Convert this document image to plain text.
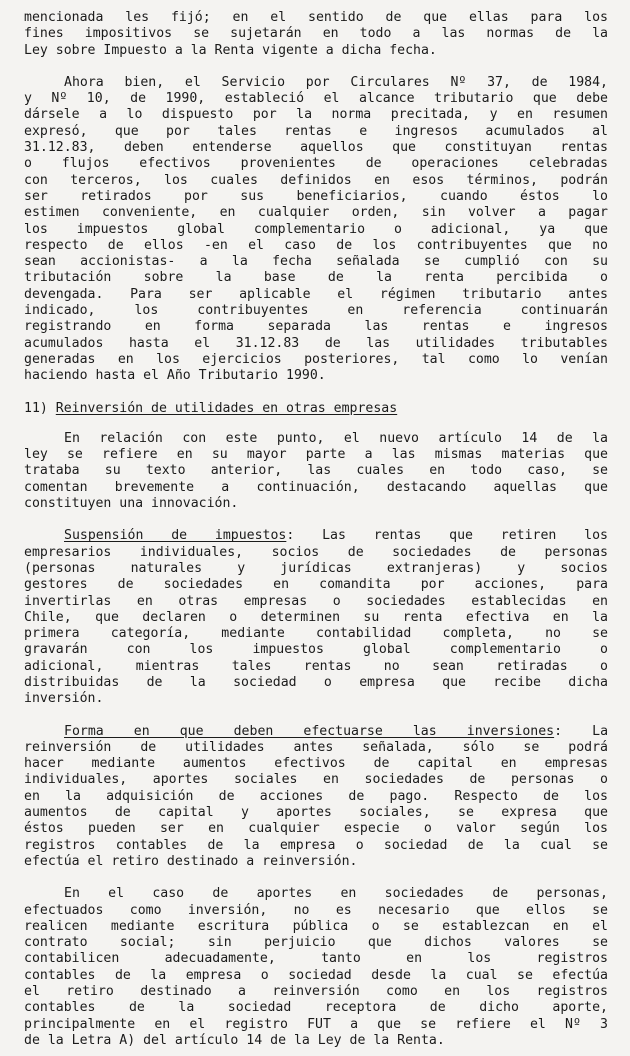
mencionada les fijó; en el sentido de que ellas para los
fines impositivos se sujetarán en todo a las normas de la
Ley sobre Impuesto a la Renta vigente a dicha fecha.
Ahora bien, el Servicio por Circulares Nº 37, de 1984,
y Nº 10, de 1990, estableció el alcance tributario que debe
dársele a lo dispuesto por la norma precitada, y en resumen
expresó, que por tales rentas e ingresos acumulados al
31.12.83, deben entenderse aquellos que constituyan rentas
o flujos efectivos provenientes de operaciones celebradas
con terceros, los cuales definidos en esos términos, podrán
ser retirados por sus beneficiarios, cuando éstos lo
estimen conveniente, en cualquier orden, sin volver a pagar
los impuestos global complementario o adicional, ya que
respecto de ellos -en el caso de los contribuyentes que no
sean accionistas- a la fecha señalada se cumplió con su
tributación sobre la base de la renta percibida o
devengada. Para ser aplicable el régimen tributario antes
indicado, los contribuyentes en referencia continuarán
registrando en forma separada las rentas e ingresos
acumulados hasta el 31.12.83 de las utilidades tributables
generadas en los ejercicios posteriores, tal como lo venían
haciendo hasta el Año Tributario 1990.
11) Reinversión de utilidades en otras empresas
En relación con este punto, el nuevo artículo 14 de la
ley se refiere en su mayor parte a las mismas materias que
trataba su texto anterior, las cuales en todo caso, se
comentan brevemente a continuación, destacando aquellas que
constituyen una innovación.
Suspensión de impuestos: Las rentas que retiren los
empresarios individuales, socios de sociedades de personas
(personas naturales y jurídicas extranjeras) y socios
gestores de sociedades en comandita por acciones, para
invertirlas en otras empresas o sociedades establecidas en
Chile, que declaren o determinen su renta efectiva en la
primera categoría, mediante contabilidad completa, no se
gravarán con los impuestos global complementario o
adicional, mientras tales rentas no sean retiradas o
distribuidas de la sociedad o empresa que recibe dicha
inversión.
Forma en que deben efectuarse las inversiones: La
reinversión de utilidades antes señalada, sólo se podrá
hacer mediante aumentos efectivos de capital en empresas
individuales, aportes sociales en sociedades de personas o
en la adquisición de acciones de pago. Respecto de los
aumentos de capital y aportes sociales, se expresa que
éstos pueden ser en cualquier especie o valor según los
registros contables de la empresa o sociedad de la cual se
efectúa el retiro destinado a reinversión.
En el caso de aportes en sociedades de personas,
efectuados como inversión, no es necesario que ellos se
realicen mediante escritura pública o se establezcan en el
contrato social; sin perjuicio que dichos valores se
contabilicen adecuadamente, tanto en los registros
contables de la empresa o sociedad desde la cual se efectúa
el retiro destinado a reinversión como en los registros
contables de la sociedad receptora de dicho aporte,
principalmente en el registro FUT a que se refiere el Nº 3
de la Letra A) del artículo 14 de la Ley de la Renta.
